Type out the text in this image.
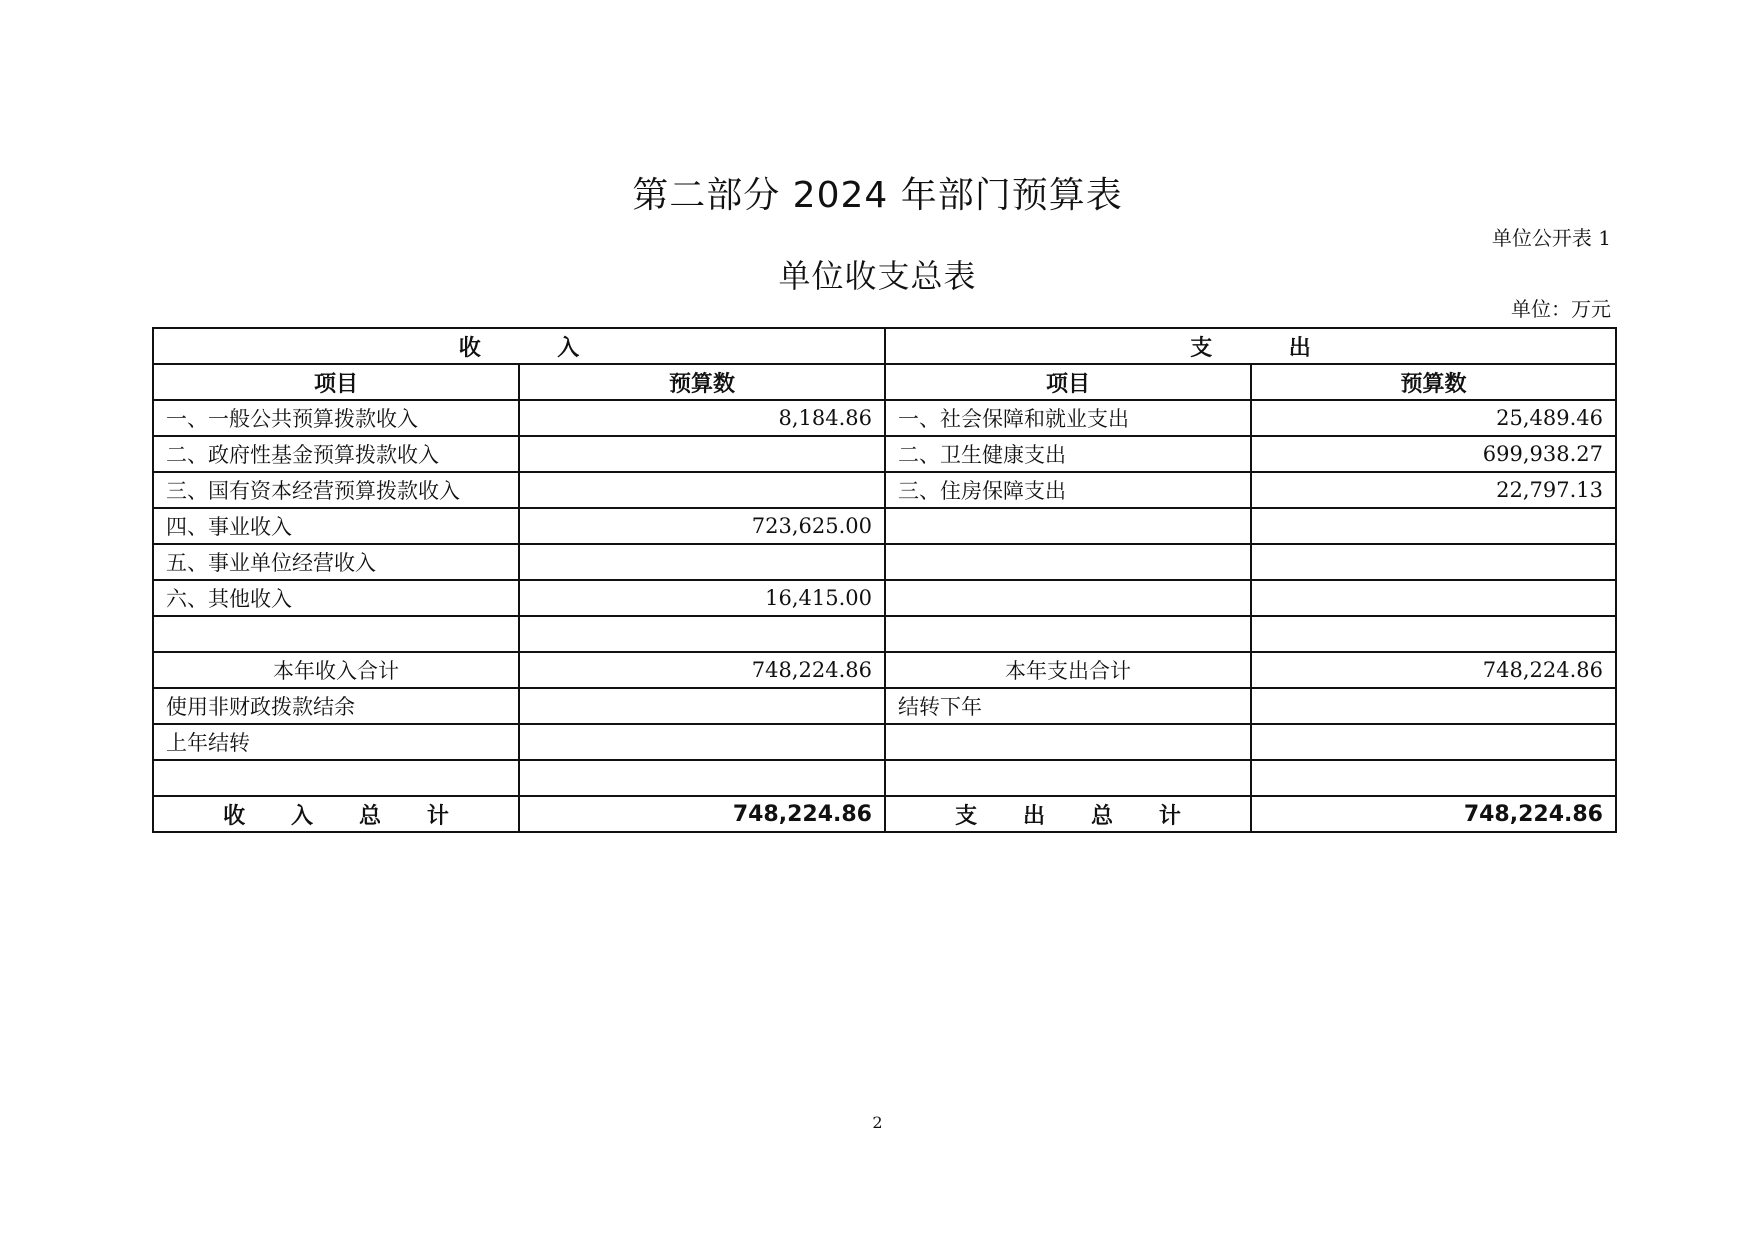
第二部分 2024 年部门预算表
单位公开表 1
单位收支总表
单位：万元
收          入		支          出	
项目	预算数	项目	预算数
一、一般公共预算拨款收入	8,184.86	一、社会保障和就业支出	25,489.46
二、政府性基金预算拨款收入		二、卫生健康支出	699,938.27
三、国有资本经营预算拨款收入		三、住房保障支出	22,797.13
四、事业收入	723,625.00		
五、事业单位经营收入			
六、其他收入	16,415.00		

本年收入合计	748,224.86	本年支出合计	748,224.86
使用非财政拨款结余		结转下年	
上年结转			

收      入      总      计	748,224.86	支      出      总      计	748,224.86
2
